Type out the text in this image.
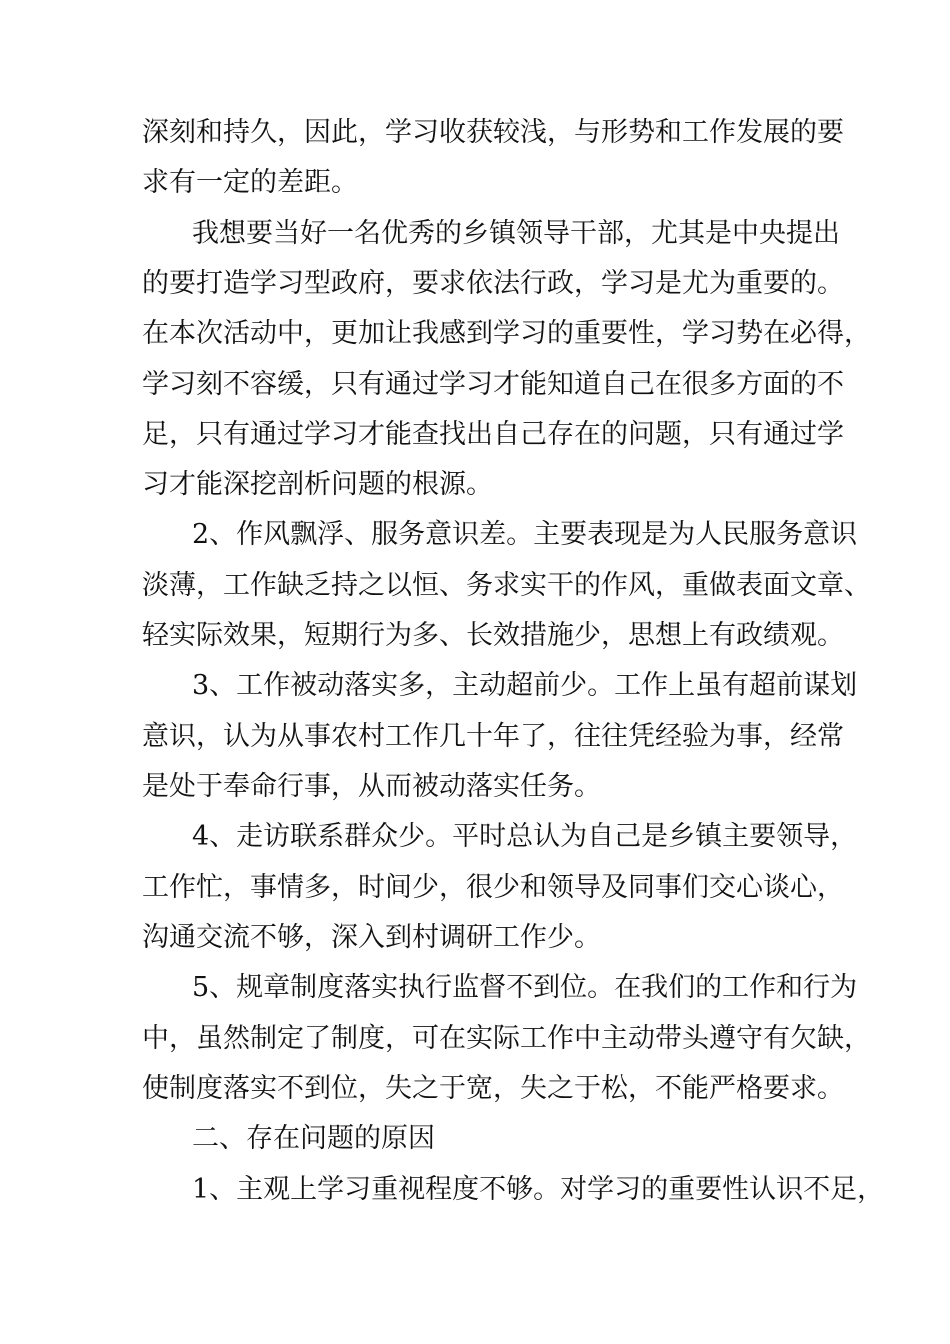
深刻和持久，因此，学习收获较浅，与形势和工作发展的要
求有一定的差距。
我想要当好一名优秀的乡镇领导干部，尤其是中央提出
的要打造学习型政府，要求依法行政，学习是尤为重要的。
在本次活动中，更加让我感到学习的重要性，学习势在必得，
学习刻不容缓，只有通过学习才能知道自己在很多方面的不
足，只有通过学习才能查找出自己存在的问题，只有通过学
习才能深挖剖析问题的根源。
2、作风飘浮、服务意识差。主要表现是为人民服务意识
淡薄，工作缺乏持之以恒、务求实干的作风，重做表面文章、
轻实际效果，短期行为多、长效措施少，思想上有政绩观。
3、工作被动落实多，主动超前少。工作上虽有超前谋划
意识，认为从事农村工作几十年了，往往凭经验为事，经常
是处于奉命行事，从而被动落实任务。
4、走访联系群众少。平时总认为自己是乡镇主要领导，
工作忙，事情多，时间少，很少和领导及同事们交心谈心，
沟通交流不够，深入到村调研工作少。
5、规章制度落实执行监督不到位。在我们的工作和行为
中，虽然制定了制度，可在实际工作中主动带头遵守有欠缺，
使制度落实不到位，失之于宽，失之于松，不能严格要求。
二、存在问题的原因
1、主观上学习重视程度不够。对学习的重要性认识不足，
